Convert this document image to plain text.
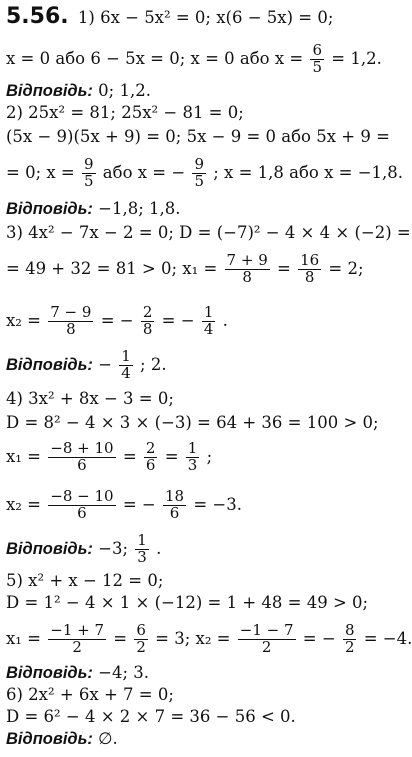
5.56. 1) 6x − 5x² = 0; x(6 − 5x) = 0;
x = 0 або 6 − 5x = 0; x = 0 або $x = \frac{6}{5} = 1,2$.
Відповідь: 0; 1,2.
2) 25x² = 81; 25x² − 81 = 0;
(5x − 9)(5x + 9) = 0; 5x − 9 = 0 або 5x + 9 =
= 0; $x = \frac{9}{5}$ або x = − $\frac{9}{5}$ ; x = 1,8 або x = −1,8.
Відповідь: −1,8; 1,8.
3) 4x² − 7x − 2 = 0; D = (−7)² − 4 × 4 × (−2) =
= 49 + 32 = 81 > 0; $x_1 = \frac{7 + 9}{8} = \frac{16}{8} = 2$;
$x_2 = \frac{7 - 9}{8}$ = − $\frac{2}{8}$ = − $\frac{1}{4}$ .
Відповідь: − $\frac{1}{4}$ ; 2.
4) 3x² + 8x − 3 = 0;
D = 8² − 4 × 3 × (−3) = 64 + 36 = 100 > 0;
$x_1 = \frac{-8 + 10}{6} = \frac{2}{6} = \frac{1}{3}$ ;
$x_2 = \frac{-8 - 10}{6}$ = − $\frac{18}{6} = -3$.
Відповідь: −3; $\frac{1}{3}$ .
5) x² + x − 12 = 0;
D = 1² − 4 × 1 × (−12) = 1 + 48 = 49 > 0;
$x_1 = \frac{-1 + 7}{2} = \frac{6}{2} = 3$; $x_2 = \frac{-1 - 7}{2}$ = − $\frac{8}{2} = -4$.
Відповідь: −4; 3.
6) 2x² + 6x + 7 = 0;
D = 6² − 4 × 2 × 7 = 36 − 56 < 0.
Відповідь: ∅.
